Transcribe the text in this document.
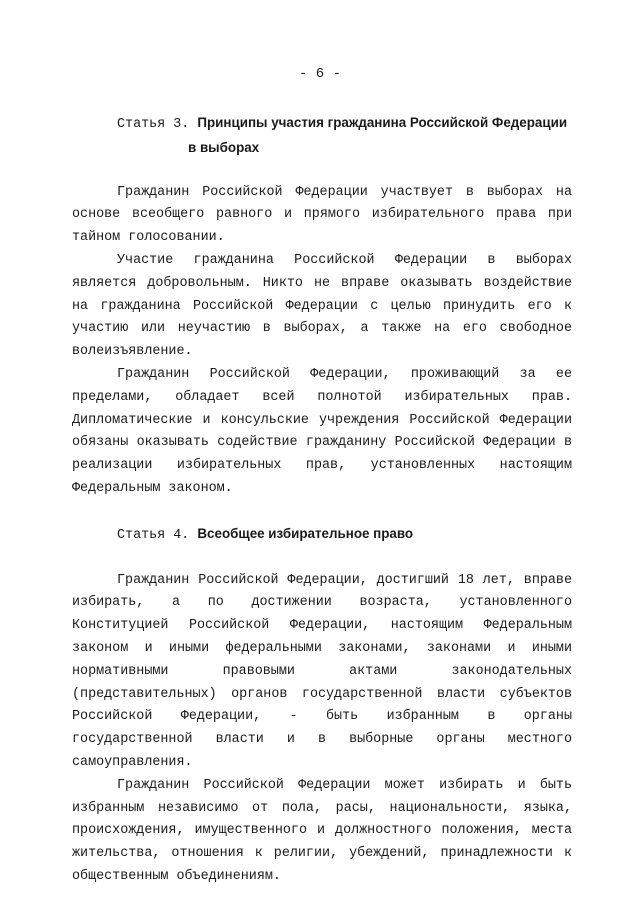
- 6 -
Статья 3. Принципы участия гражданина Российской Федерации
в выборах

Гражданин Российской Федерации участвует в выборах на основе всеобщего равного и прямого избирательного права при тайном голосовании.

Участие гражданина Российской Федерации в выборах является добровольным. Никто не вправе оказывать воздействие на гражданина Российской Федерации с целью принудить его к участию или неучастию в выборах, а также на его свободное волеизъявление.

Гражданин Российской Федерации, проживающий за ее пределами, обладает всей полнотой избирательных прав. Дипломатические и консульские учреждения Российской Федерации обязаны оказывать содействие гражданину Российской Федерации в реализации избирательных прав, установленных настоящим Федеральным законом.

Статья 4. Всеобщее избирательное право

Гражданин Российской Федерации, достигший 18 лет, вправе избирать, а по достижении возраста, установленного Конституцией Российской Федерации, настоящим Федеральным законом и иными федеральными законами, законами и иными нормативными правовыми актами законодательных (представительных) органов государственной власти субъектов Российской Федерации, - быть избранным в органы государственной власти и в выборные органы местного самоуправления.

Гражданин Российской Федерации может избирать и быть избранным независимо от пола, расы, национальности, языка, происхождения, имущественного и должностного положения, места жительства, отношения к религии, убеждений, принадлежности к общественным объединениям.
